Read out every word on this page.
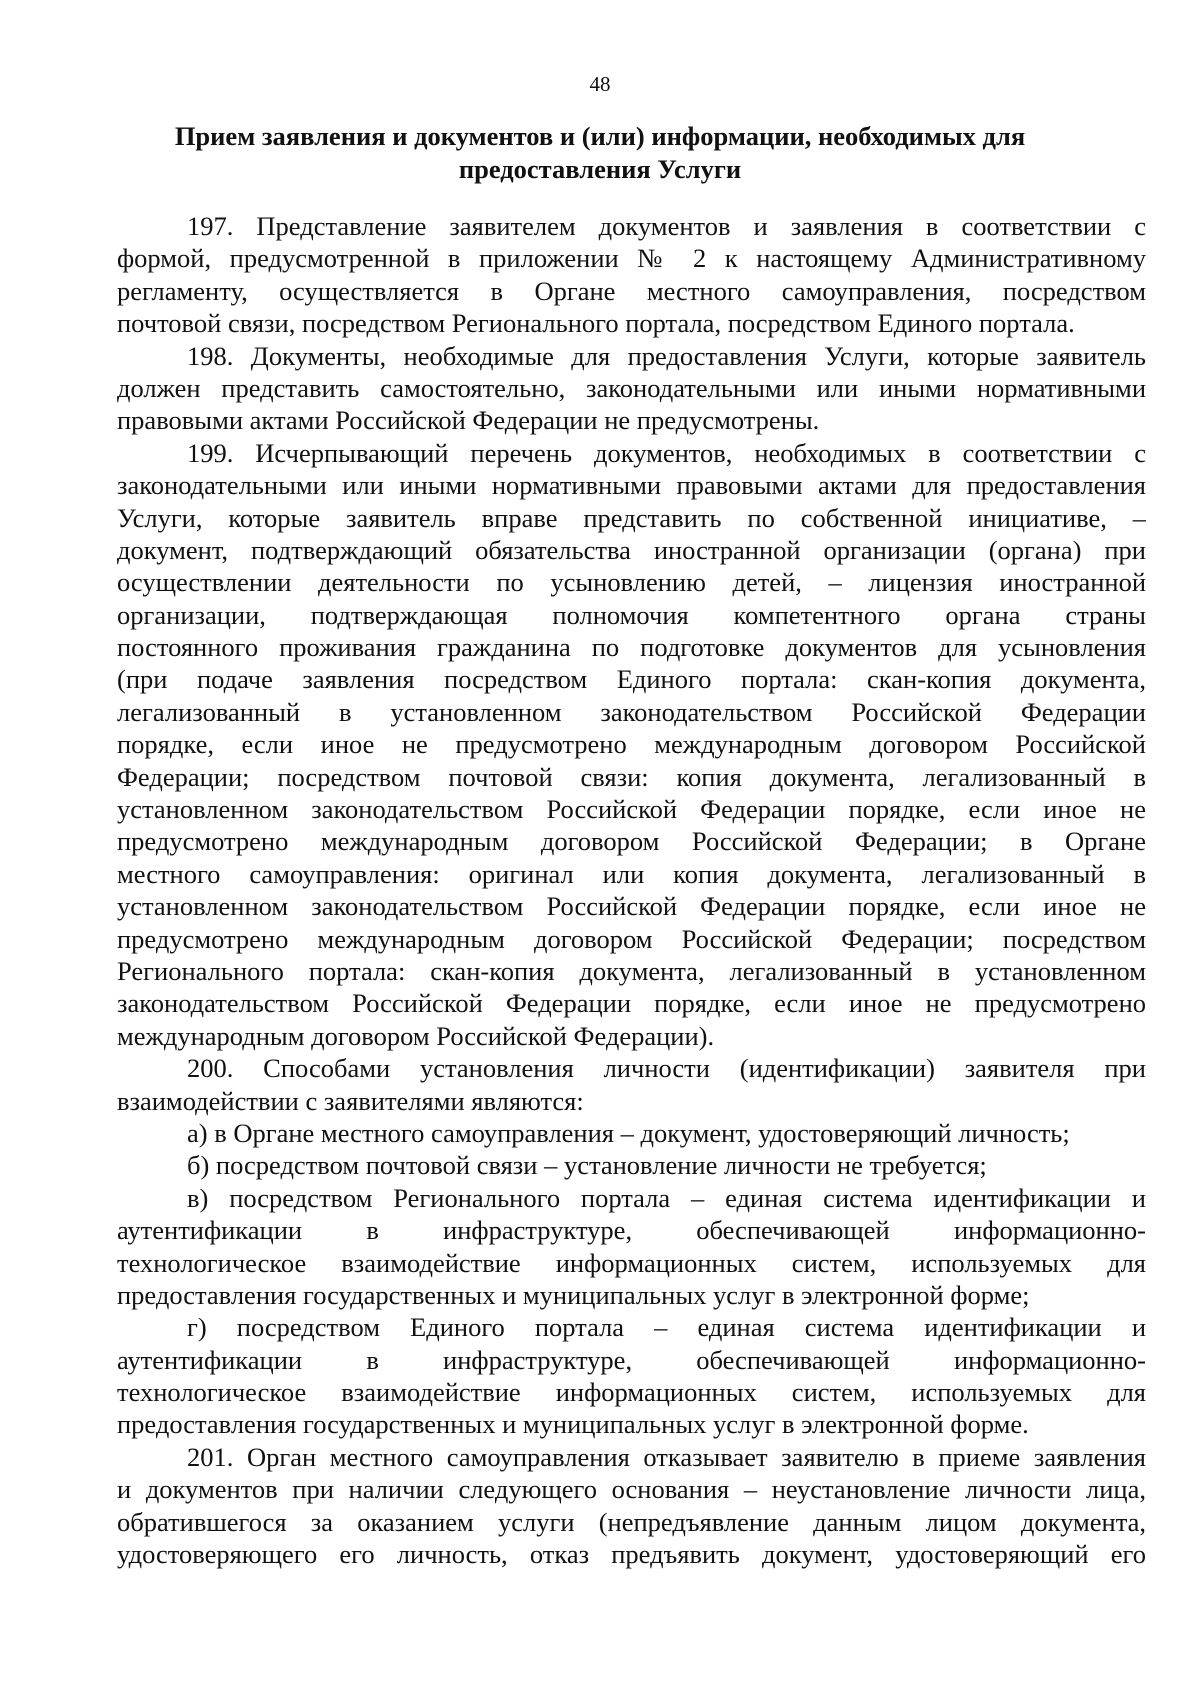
48
Прием заявления и документов и (или) информации, необходимых для
предоставления Услуги
197. Представление заявителем документов и заявления в соответствии с
формой, предусмотренной в приложении № 2 к настоящему Административному
регламенту, осуществляется в Органе местного самоуправления, посредством
почтовой связи, посредством Регионального портала, посредством Единого портала.
198. Документы, необходимые для предоставления Услуги, которые заявитель
должен представить самостоятельно, законодательными или иными нормативными
правовыми актами Российской Федерации не предусмотрены.
199. Исчерпывающий перечень документов, необходимых в соответствии с
законодательными или иными нормативными правовыми актами для предоставления
Услуги, которые заявитель вправе представить по собственной инициативе, –
документ, подтверждающий обязательства иностранной организации (органа) при
осуществлении деятельности по усыновлению детей, – лицензия иностранной
организации, подтверждающая полномочия компетентного органа страны
постоянного проживания гражданина по подготовке документов для усыновления
(при подаче заявления посредством Единого портала: скан-копия документа,
легализованный в установленном законодательством Российской Федерации
порядке, если иное не предусмотрено международным договором Российской
Федерации; посредством почтовой связи: копия документа, легализованный в
установленном законодательством Российской Федерации порядке, если иное не
предусмотрено международным договором Российской Федерации; в Органе
местного самоуправления: оригинал или копия документа, легализованный в
установленном законодательством Российской Федерации порядке, если иное не
предусмотрено международным договором Российской Федерации; посредством
Регионального портала: скан-копия документа, легализованный в установленном
законодательством Российской Федерации порядке, если иное не предусмотрено
международным договором Российской Федерации).
200. Способами установления личности (идентификации) заявителя при
взаимодействии с заявителями являются:
а) в Органе местного самоуправления – документ, удостоверяющий личность;
б) посредством почтовой связи – установление личности не требуется;
в) посредством Регионального портала – единая система идентификации и
аутентификации в инфраструктуре, обеспечивающей информационно-
технологическое взаимодействие информационных систем, используемых для
предоставления государственных и муниципальных услуг в электронной форме;
г) посредством Единого портала – единая система идентификации и
аутентификации в инфраструктуре, обеспечивающей информационно-
технологическое взаимодействие информационных систем, используемых для
предоставления государственных и муниципальных услуг в электронной форме.
201. Орган местного самоуправления отказывает заявителю в приеме заявления
и документов при наличии следующего основания – неустановление личности лица,
обратившегося за оказанием услуги (непредъявление данным лицом документа,
удостоверяющего его личность, отказ предъявить документ, удостоверяющий его
